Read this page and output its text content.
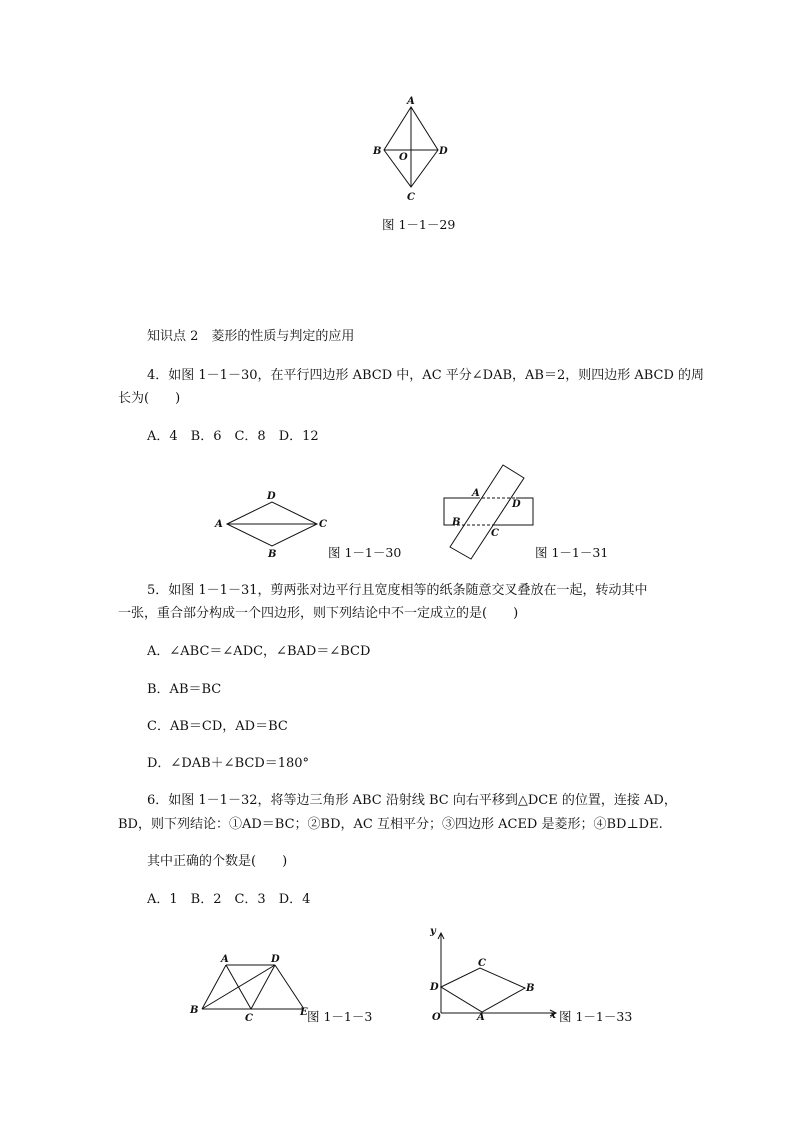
A
B
O
D
C
图 1－1－29
知识点 2　菱形的性质与判定的应用
4．如图 1－1－30，在平行四边形 ABCD 中，AC 平分∠DAB，AB＝2，则四边形 ABCD 的周
长为(　　)
A．4　B．6　C．8　D．12
D
A	C
B	图 1－1－30
A
D
B
C
图 1－1－31
5．如图 1－1－31，剪两张对边平行且宽度相等的纸条随意交叉叠放在一起，转动其中
一张，重合部分构成一个四边形，则下列结论中不一定成立的是(　　)
A．∠ABC＝∠ADC，∠BAD＝∠BCD
B．AB＝BC
C．AB＝CD，AD＝BC
D．∠DAB＋∠BCD＝180°
6．如图 1－1－32，将等边三角形 ABC 沿射线 BC 向右平移到△DCE 的位置，连接 AD，
BD，则下列结论：①AD＝BC；②BD，AC 互相平分；③四边形 ACED 是菱形；④BD⊥DE.
其中正确的个数是(　　)
A．1　B．2　C．3　D．4
A	D
B
C
E 图 1－1－3
y
x
O	A
D
C
B
图 1－1－33
